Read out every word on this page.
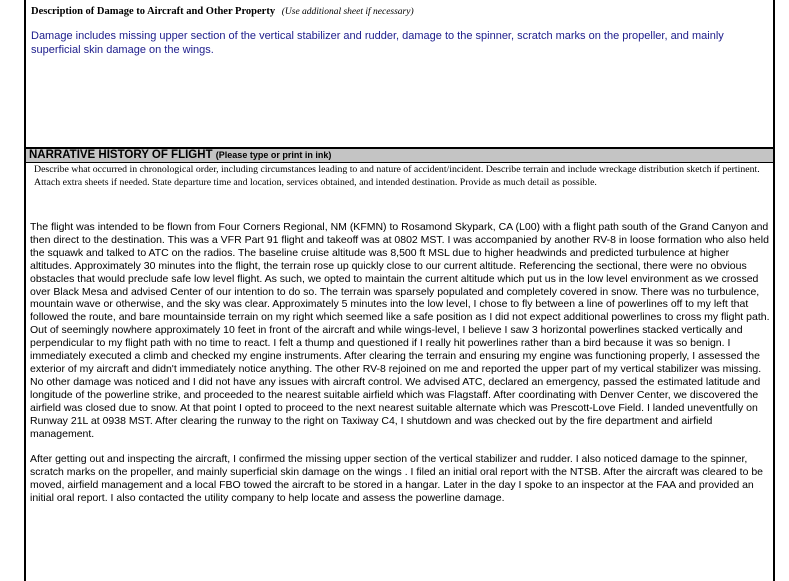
Description of Damage to Aircraft and Other Property (Use additional sheet if necessary)
Damage includes missing upper section of the vertical stabilizer and rudder, damage to the spinner, scratch marks on the propeller, and mainly superficial skin damage on the wings.
NARRATIVE HISTORY OF FLIGHT (Please type or print in ink)
Describe what occurred in chronological order, including circumstances leading to and nature of accident/incident. Describe terrain and include wreckage distribution sketch if pertinent. Attach extra sheets if needed. State departure time and location, services obtained, and intended destination. Provide as much detail as possible.

The flight was intended to be flown from Four Corners Regional, NM (KFMN) to Rosamond Skypark, CA (L00) with a flight path south of the Grand Canyon and then direct to the destination. This was a VFR Part 91 flight and takeoff was at 0802 MST. I was accompanied by another RV-8 in loose formation who also held the squawk and talked to ATC on the radios. The baseline cruise altitude was 8,500 ft MSL due to higher headwinds and predicted turbulence at higher altitudes. Approximately 30 minutes into the flight, the terrain rose up quickly close to our current altitude. Referencing the sectional, there were no obvious obstacles that would preclude safe low level flight. As such, we opted to maintain the current altitude which put us in the low level environment as we crossed over Black Mesa and advised Center of our intention to do so. The terrain was sparsely populated and completely covered in snow. There was no turbulence, mountain wave or otherwise, and the sky was clear. Approximately 5 minutes into the low level, I chose to fly between a line of powerlines off to my left that followed the route, and bare mountainside terrain on my right which seemed like a safe position as I did not expect additional powerlines to cross my flight path. Out of seemingly nowhere approximately 10 feet in front of the aircraft and while wings-level, I believe I saw 3 horizontal powerlines stacked vertically and perpendicular to my flight path with no time to react. I felt a thump and questioned if I really hit powerlines rather than a bird because it was so benign. I immediately executed a climb and checked my engine instruments. After clearing the terrain and ensuring my engine was functioning properly, I assessed the exterior of my aircraft and didn't immediately notice anything. The other RV-8 rejoined on me and reported the upper part of my vertical stabilizer was missing. No other damage was noticed and I did not have any issues with aircraft control. We advised ATC, declared an emergency, passed the estimated latitude and longitude of the powerline strike, and proceeded to the nearest suitable airfield which was Flagstaff. After coordinating with Denver Center, we discovered the airfield was closed due to snow. At that point I opted to proceed to the next nearest suitable alternate which was Prescott-Love Field. I landed uneventfully on Runway 21L at 0938 MST. After clearing the runway to the right on Taxiway C4, I shutdown and was checked out by the fire department and airfield management.

After getting out and inspecting the aircraft, I confirmed the missing upper section of the vertical stabilizer and rudder. I also noticed damage to the spinner, scratch marks on the propeller, and mainly superficial skin damage on the wings . I filed an initial oral report with the NTSB. After the aircraft was cleared to be moved, airfield management and a local FBO towed the aircraft to be stored in a hangar. Later in the day I spoke to an inspector at the FAA and provided an initial oral report. I also contacted the utility company to help locate and assess the powerline damage.
